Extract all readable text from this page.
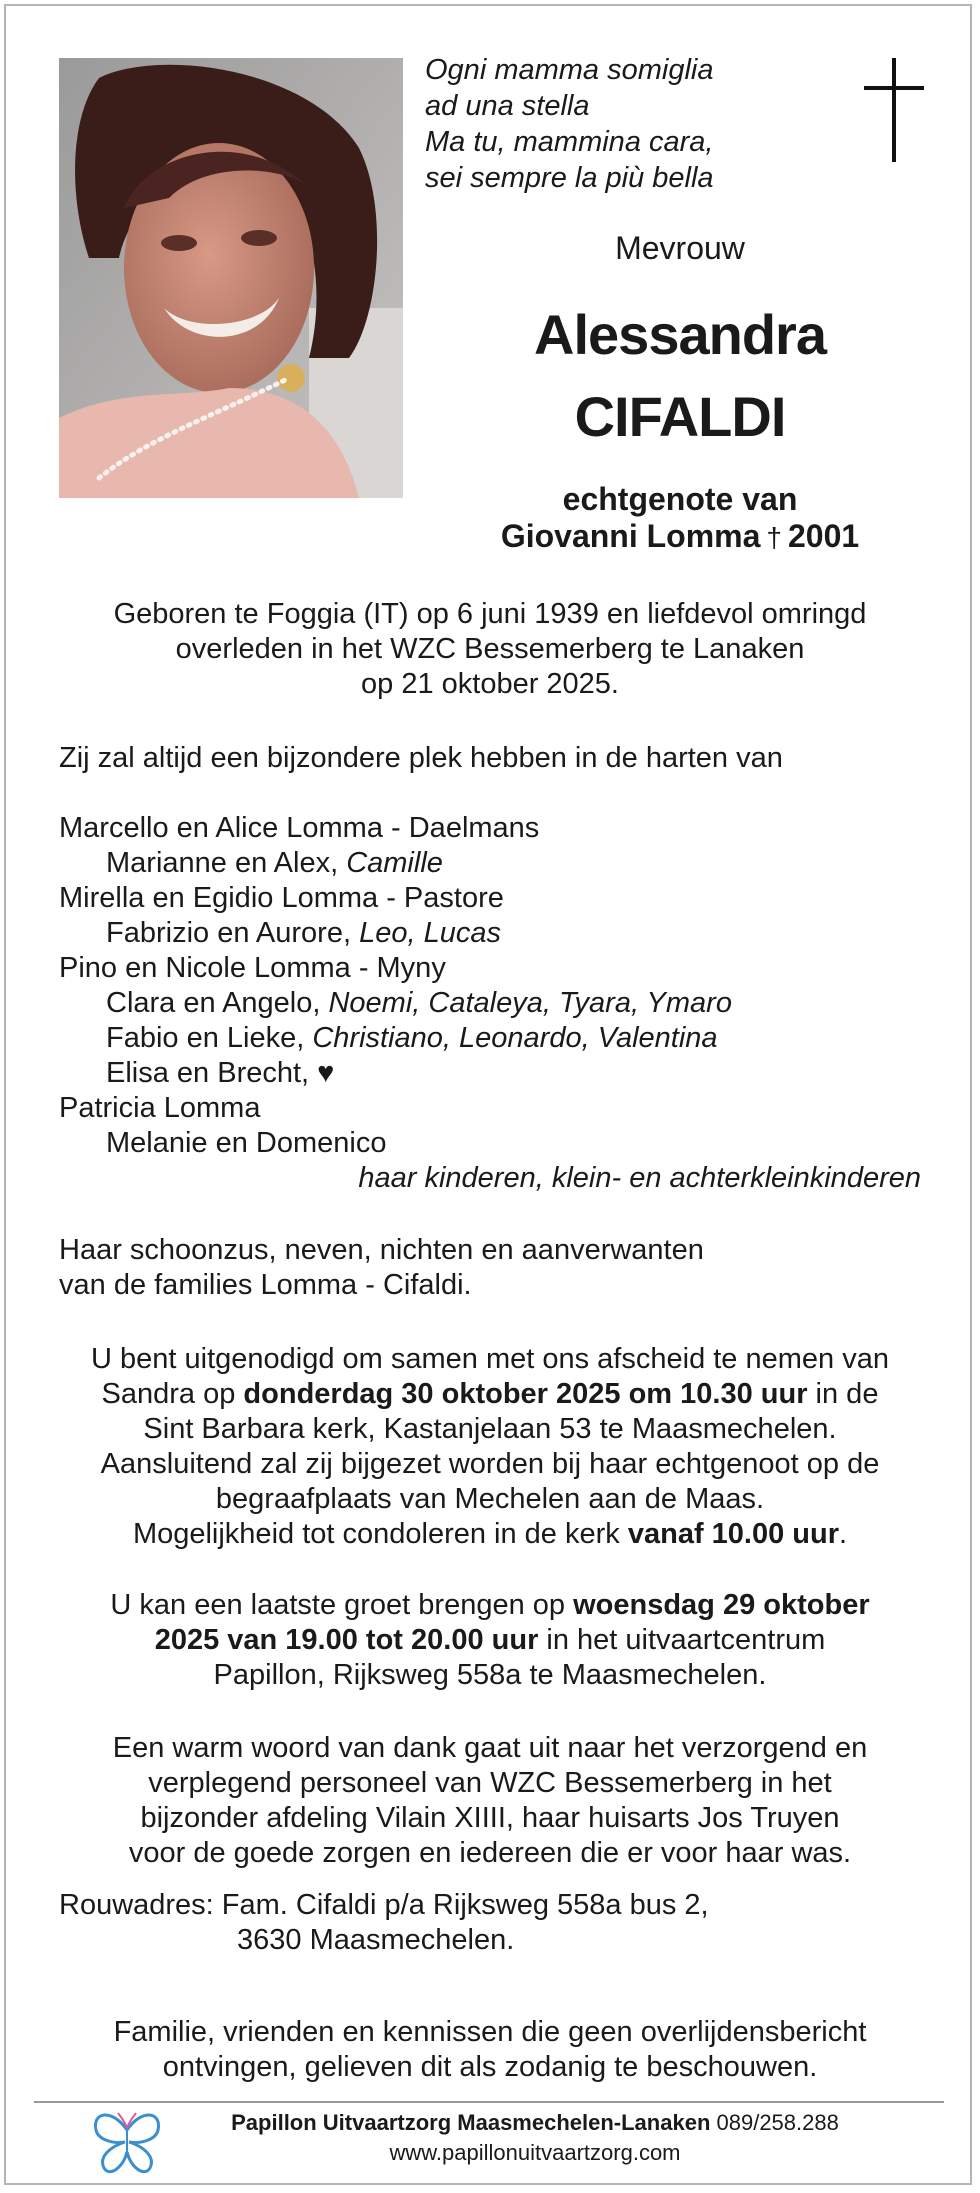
Ogni mamma somiglia
ad una stella
Ma tu, mammina cara,
sei sempre la più bella
Mevrouw
Alessandra
CIFALDI
echtgenote van
Giovanni Lomma † 2001
Geboren te Foggia (IT) op 6 juni 1939 en liefdevol omringd
overleden in het WZC Bessemerberg te Lanaken
op 21 oktober 2025.
Zij zal altijd een bijzondere plek hebben in de harten van
Marcello en Alice Lomma - Daelmans
Marianne en Alex, Camille
Mirella en Egidio Lomma - Pastore
Fabrizio en Aurore, Leo, Lucas
Pino en Nicole Lomma - Myny
Clara en Angelo, Noemi, Cataleya, Tyara, Ymaro
Fabio en Lieke, Christiano, Leonardo, Valentina
Elisa en Brecht, ♥
Patricia Lomma
Melanie en Domenico
haar kinderen, klein- en achterkleinkinderen
Haar schoonzus, neven, nichten en aanverwanten
van de families Lomma - Cifaldi.
U bent uitgenodigd om samen met ons afscheid te nemen van
Sandra op donderdag 30 oktober 2025 om 10.30 uur in de
Sint Barbara kerk, Kastanjelaan 53 te Maasmechelen.
Aansluitend zal zij bijgezet worden bij haar echtgenoot op de
begraafplaats van Mechelen aan de Maas.
Mogelijkheid tot condoleren in de kerk vanaf 10.00 uur.
U kan een laatste groet brengen op woensdag 29 oktober
2025 van 19.00 tot 20.00 uur in het uitvaartcentrum
Papillon, Rijksweg 558a te Maasmechelen.
Een warm woord van dank gaat uit naar het verzorgend en
verplegend personeel van WZC Bessemerberg in het
bijzonder afdeling Vilain XIIII, haar huisarts Jos Truyen
voor de goede zorgen en iedereen die er voor haar was.
Rouwadres: Fam. Cifaldi p/a Rijksweg 558a bus 2,
3630 Maasmechelen.
Familie, vrienden en kennissen die geen overlijdensbericht
ontvingen, gelieven dit als zodanig te beschouwen.
Papillon Uitvaartzorg Maasmechelen-Lanaken 089/258.288
www.papillonuitvaartzorg.com
